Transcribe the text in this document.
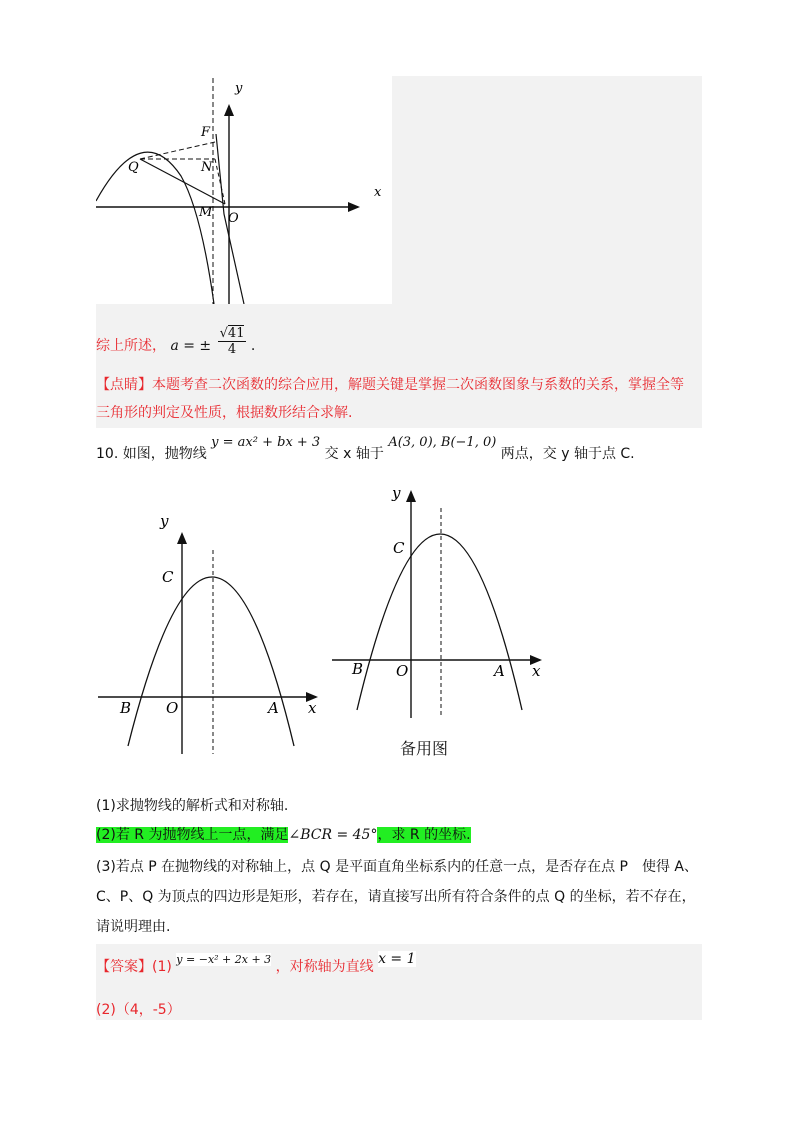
y
x
F
N
Q
M O
综上所述， a = ± $\frac{√41}{4}$ .
【点睛】本题考查二次函数的综合应用，解题关键是掌握二次函数图象与系数的关系，掌握全等
三角形的判定及性质，根据数形结合求解.
10. 如图，抛物线 y = ax² + bx + 3 交 x 轴于 A(3, 0), B(−1, 0) 两点，交 y 轴于点 C.
y
x
C
B O	A
y
x
C
B O	A
备用图
(1)求抛物线的解析式和对称轴.
(2)若 R 为抛物线上一点，满足∠BCR = 45°，求 R 的坐标.
(3)若点 P 在抛物线的对称轴上，点 Q 是平面直角坐标系内的任意一点，是否存在点 P　使得 A、
C、P、Q 为顶点的四边形是矩形，若存在，请直接写出所有符合条件的点 Q 的坐标，若不存在，
请说明理由.
【答案】(1) $^{y = -x^2 + 2x + 3}$ ，对称轴为直线 x = 1
(2)（4，-5）
